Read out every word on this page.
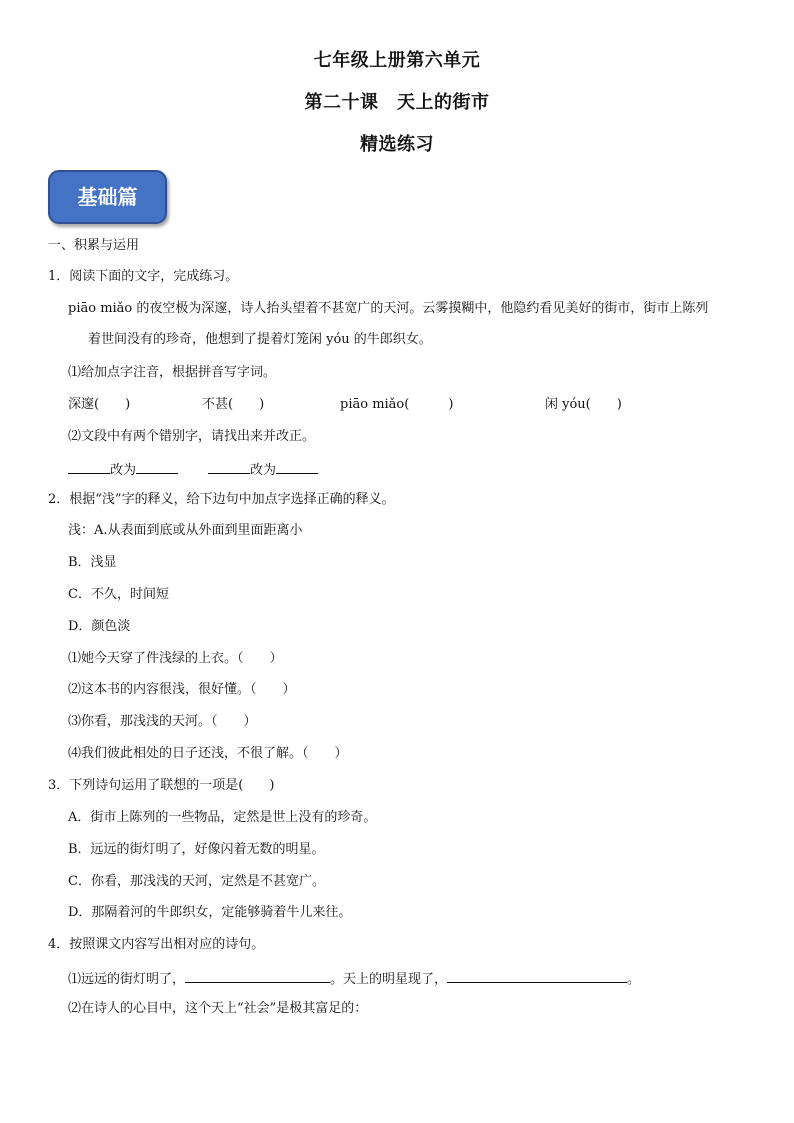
七年级上册第六单元
第二十课　天上的街市
精选练习
基础篇
一、积累与运用
1．阅读下面的文字，完成练习。
piāo miǎo 的夜空极为深邃，诗人抬头望着不甚宽广的天河。云雾摸糊中，他隐约看见美好的街市，街市上陈列
着世间没有的珍奇，他想到了提着灯笼闲 yóu 的牛郎织女。
⑴给加点字注音，根据拼音写字词。
深邃(　　)	不甚(　　)	piāo miǎo(　　　)	闲 yóu(　　)
⑵文段中有两个错别字，请找出来并改正。
改为	改为
2．根据“浅”字的释义，给下边句中加点字选择正确的释义。
浅：A.从表面到底或从外面到里面距离小
B．浅显
C．不久，时间短
D．颜色淡
⑴她今天穿了件浅绿的上衣。（　　）
⑵这本书的内容很浅，很好懂。（　　）
⑶你看，那浅浅的天河。（　　）
⑷我们彼此相处的日子还浅，不很了解。（　　）
3．下列诗句运用了联想的一项是(　　)
A．街市上陈列的一些物品，定然是世上没有的珍奇。
B．远远的街灯明了，好像闪着无数的明星。
C．你看，那浅浅的天河，定然是不甚宽广。
D．那隔着河的牛郎织女，定能够骑着牛儿来往。
4．按照课文内容写出相对应的诗句。
⑴远远的街灯明了，	。天上的明星现了，	。
⑵在诗人的心目中，这个天上“社会”是极其富足的：
